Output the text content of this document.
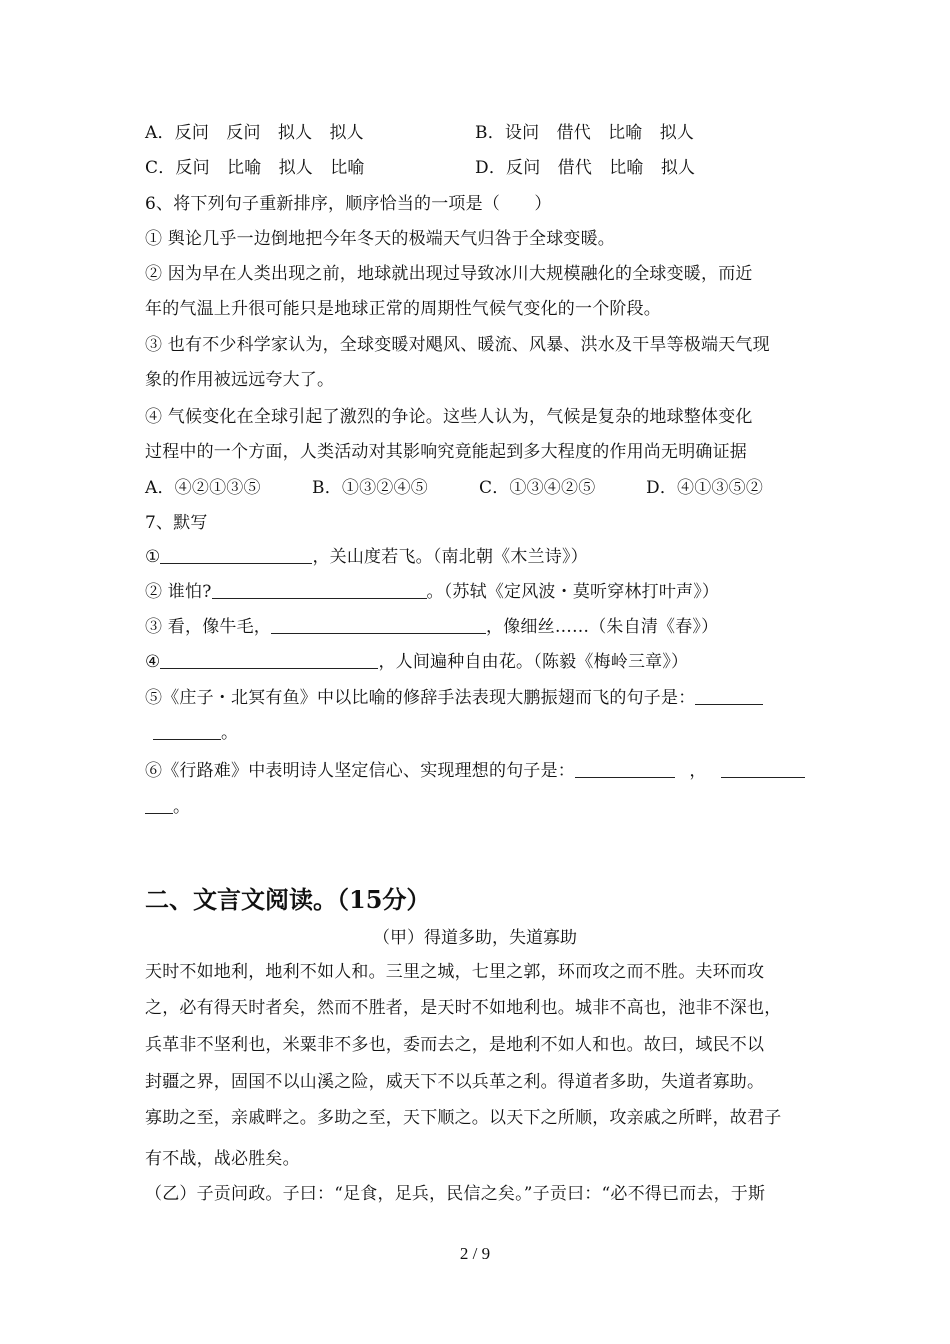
A．反问　反问　拟人　拟人	B．设问　借代　比喻　拟人
C．反问　比喻　拟人　比喻	D．反问　借代　比喻　拟人
6、将下列句子重新排序，顺序恰当的一项是（　　）
① 舆论几乎一边倒地把今年冬天的极端天气归咎于全球变暖。
② 因为早在人类出现之前，地球就出现过导致冰川大规模融化的全球变暖，而近
年的气温上升很可能只是地球正常的周期性气候气变化的一个阶段。
③ 也有不少科学家认为，全球变暖对飓风、暖流、风暴、洪水及干旱等极端天气现
象的作用被远远夸大了。
④ 气候变化在全球引起了激烈的争论。这些人认为，气候是复杂的地球整体变化
过程中的一个方面，人类活动对其影响究竟能起到多大程度的作用尚无明确证据
A．④②①③⑤	B．①③②④⑤	C．①③④②⑤	D．④①③⑤②
7、默写
①	，关山度若飞。（南北朝《木兰诗》）
② 谁怕?	。（苏轼《定风波・莫听穿林打叶声》）
③ 看，像牛毛，	，像细丝……（朱自清《春》）
④	，人间遍种自由花。（陈毅《梅岭三章》）
⑤《庄子・北冥有鱼》中以比喻的修辞手法表现大鹏振翅而飞的句子是：
。
⑥《行路难》中表明诗人坚定信心、实现理想的句子是：	，
。
二、文言文阅读。（15分）
（甲）得道多助，失道寡助
天时不如地利，地利不如人和。三里之城，七里之郭，环而攻之而不胜。夫环而攻
之，必有得天时者矣，然而不胜者，是天时不如地利也。城非不高也，池非不深也，
兵革非不坚利也，米粟非不多也，委而去之，是地利不如人和也。故曰，域民不以
封疆之界，固国不以山溪之险，威天下不以兵革之利。得道者多助，失道者寡助。
寡助之至，亲戚畔之。多助之至，天下顺之。以天下之所顺，攻亲戚之所畔，故君子
有不战，战必胜矣。
（乙）子贡问政。子曰：“足食，足兵，民信之矣。”子贡曰：“必不得已而去，于斯
2 / 9
